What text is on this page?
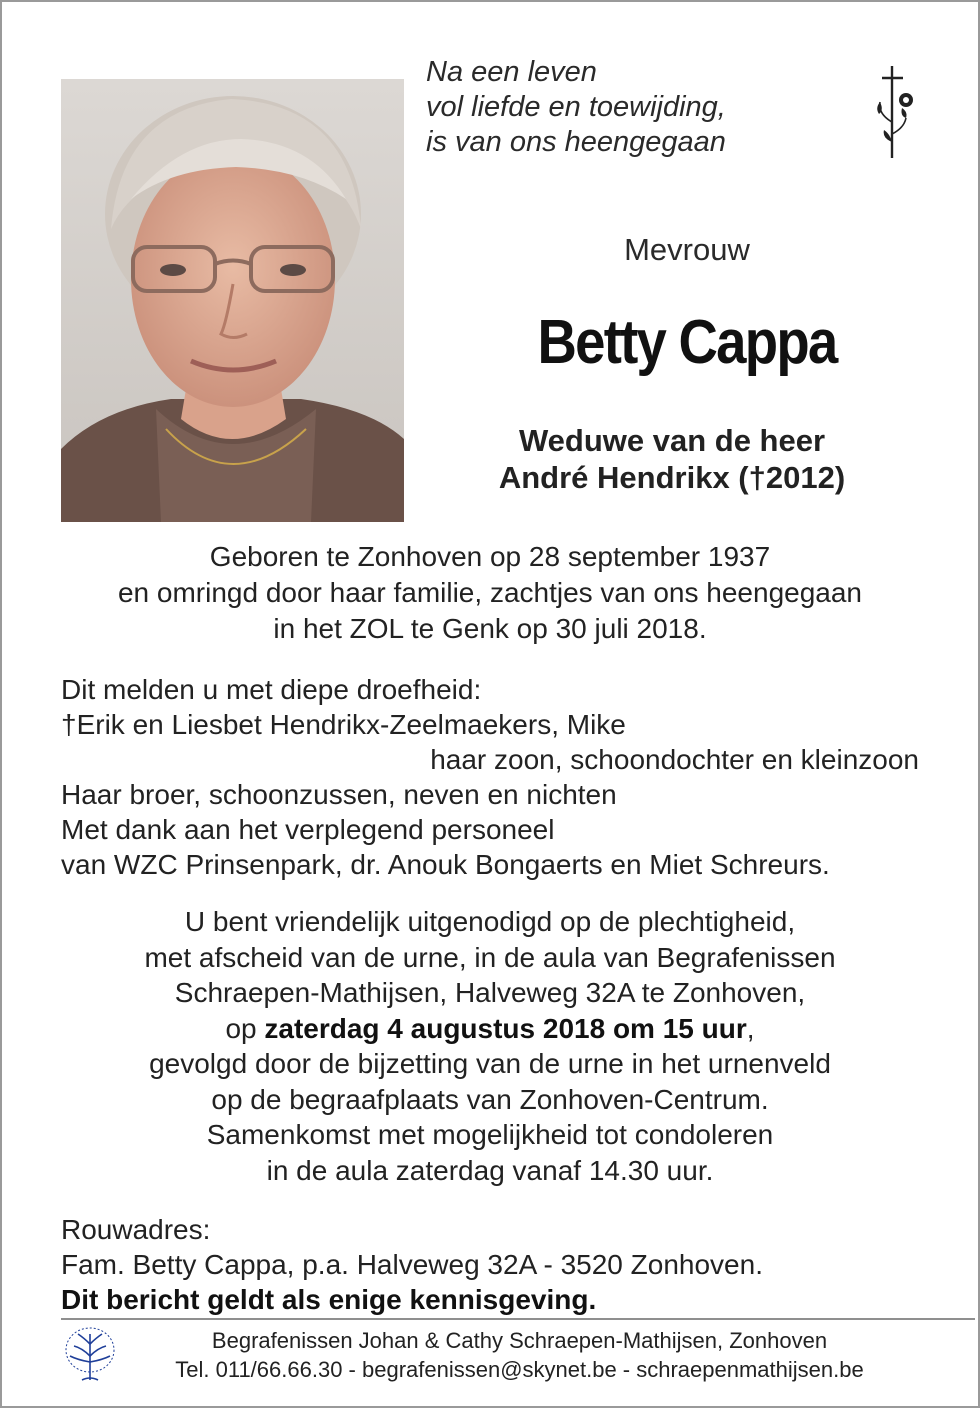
Na een leven
vol liefde en toewijding,
is van ons heengegaan
Mevrouw
Betty Cappa
Weduwe van de heer
André Hendrikx (†2012)
Geboren te Zonhoven op 28 september 1937
en omringd door haar familie, zachtjes van ons heengegaan
in het ZOL te Genk op 30 juli 2018.
Dit melden u met diepe droefheid:
†Erik en Liesbet Hendrikx-Zeelmaekers, Mike
haar zoon, schoondochter en kleinzoon
Haar broer, schoonzussen, neven en nichten
Met dank aan het verplegend personeel
van WZC Prinsenpark, dr. Anouk Bongaerts en Miet Schreurs.
U bent vriendelijk uitgenodigd op de plechtigheid,
met afscheid van de urne, in de aula van Begrafenissen
Schraepen-Mathijsen, Halveweg 32A te Zonhoven,
op zaterdag 4 augustus 2018 om 15 uur,
gevolgd door de bijzetting van de urne in het urnenveld
op de begraafplaats van Zonhoven-Centrum.
Samenkomst met mogelijkheid tot condoleren
in de aula zaterdag vanaf 14.30 uur.
Rouwadres:
Fam. Betty Cappa, p.a. Halveweg 32A - 3520 Zonhoven.
Dit bericht geldt als enige kennisgeving.
Begrafenissen Johan & Cathy Schraepen-Mathijsen, Zonhoven
Tel. 011/66.66.30 - begrafenissen@skynet.be - schraepenmathijsen.be
